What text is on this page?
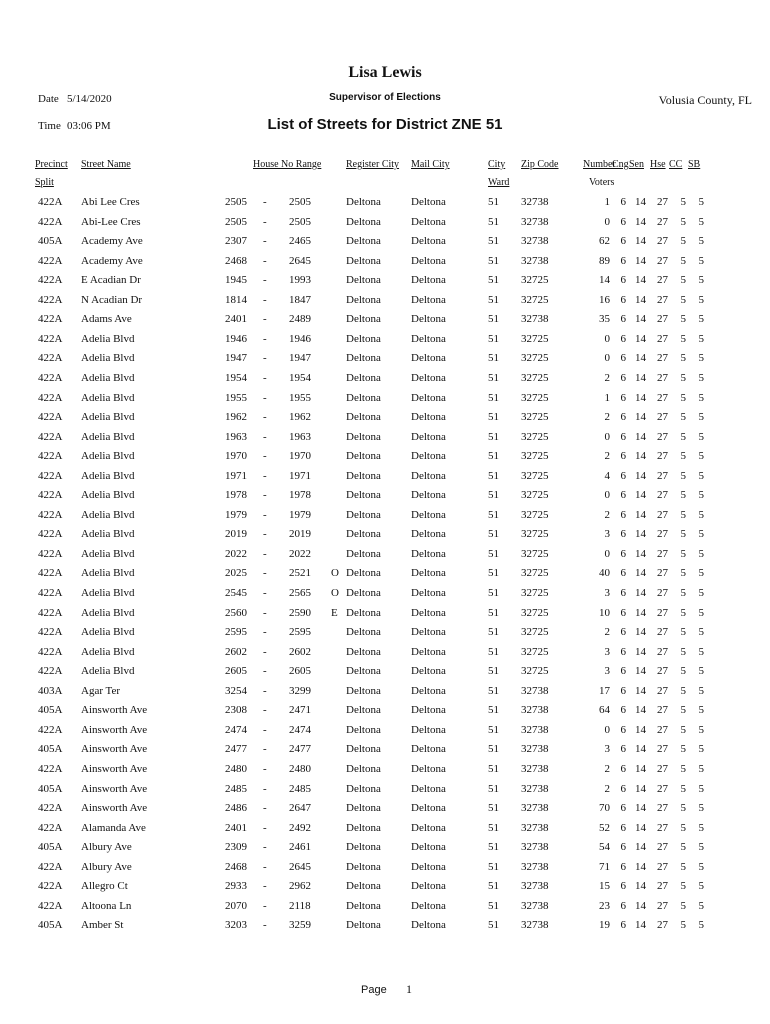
Lisa Lewis
Supervisor of Elections
List of Streets for District ZNE 51
Date 5/14/2020
Time 03:06 PM
Volusia County, FL
Precinct
Split
Street Name	House No Range Register City Mail City	City
Ward
Zip Code Number
Voters
Cng Sen Hse CC SB
422A Abi Lee Cres	2505 - 2505	Deltona	Deltona	51 32738	1 6 14	27	5	5
422A Abi-Lee Cres	2505 - 2505	Deltona	Deltona	51 32738	0 6 14	27	5	5
405A Academy Ave	2307 - 2465	Deltona	Deltona	51 32738	62 6 14	27	5	5
422A Academy Ave	2468 - 2645	Deltona	Deltona	51 32738	89 6 14	27	5	5
422A E Acadian Dr	1945 - 1993	Deltona	Deltona	51 32725	14 6 14	27	5	5
422A N Acadian Dr	1814 - 1847	Deltona	Deltona	51 32725	16 6 14	27	5	5
422A Adams Ave	2401 - 2489	Deltona	Deltona	51 32738	35 6 14	27	5	5
422A Adelia Blvd	1946 - 1946	Deltona	Deltona	51 32725	0 6 14	27	5	5
422A Adelia Blvd	1947 - 1947	Deltona	Deltona	51 32725	0 6 14	27	5	5
422A Adelia Blvd	1954 - 1954	Deltona	Deltona	51 32725	2 6 14	27	5	5
422A Adelia Blvd	1955 - 1955	Deltona	Deltona	51 32725	1 6 14	27	5	5
422A Adelia Blvd	1962 - 1962	Deltona	Deltona	51 32725	2 6 14	27	5	5
422A Adelia Blvd	1963 - 1963	Deltona	Deltona	51 32725	0 6 14	27	5	5
422A Adelia Blvd	1970 - 1970	Deltona	Deltona	51 32725	2 6 14	27	5	5
422A Adelia Blvd	1971 - 1971	Deltona	Deltona	51 32725	4 6 14	27	5	5
422A Adelia Blvd	1978 - 1978	Deltona	Deltona	51 32725	0 6 14	27	5	5
422A Adelia Blvd	1979 - 1979	Deltona	Deltona	51 32725	2 6 14	27	5	5
422A Adelia Blvd	2019 - 2019	Deltona	Deltona	51 32725	3 6 14	27	5	5
422A Adelia Blvd	2022 - 2022	Deltona	Deltona	51 32725	0 6 14	27	5	5
422A Adelia Blvd	2025 - 2521 O Deltona	Deltona	51 32725	40 6 14	27	5	5
422A Adelia Blvd	2545 - 2565 O Deltona	Deltona	51 32725	3 6 14	27	5	5
422A Adelia Blvd	2560 - 2590 E Deltona	Deltona	51 32725	10 6 14	27	5	5
422A Adelia Blvd	2595 - 2595	Deltona	Deltona	51 32725	2 6 14	27	5	5
422A Adelia Blvd	2602 - 2602	Deltona	Deltona	51 32725	3 6 14	27	5	5
422A Adelia Blvd	2605 - 2605	Deltona	Deltona	51 32725	3 6 14	27	5	5
403A Agar Ter	3254 - 3299	Deltona	Deltona	51 32738	17 6 14	27	5	5
405A Ainsworth Ave	2308 - 2471	Deltona	Deltona	51 32738	64 6 14	27	5	5
422A Ainsworth Ave	2474 - 2474	Deltona	Deltona	51 32738	0 6 14	27	5	5
405A Ainsworth Ave	2477 - 2477	Deltona	Deltona	51 32738	3 6 14	27	5	5
422A Ainsworth Ave	2480 - 2480	Deltona	Deltona	51 32738	2 6 14	27	5	5
405A Ainsworth Ave	2485 - 2485	Deltona	Deltona	51 32738	2 6 14	27	5	5
422A Ainsworth Ave	2486 - 2647	Deltona	Deltona	51 32738	70 6 14	27	5	5
422A Alamanda Ave	2401 - 2492	Deltona	Deltona	51 32738	52 6 14	27	5	5
405A Albury Ave	2309 - 2461	Deltona	Deltona	51 32738	54 6 14	27	5	5
422A Albury Ave	2468 - 2645	Deltona	Deltona	51 32738	71 6 14	27	5	5
422A Allegro Ct	2933 - 2962	Deltona	Deltona	51 32738	15 6 14	27	5	5
422A Altoona Ln	2070 - 2118	Deltona	Deltona	51 32738	23 6 14	27	5	5
405A Amber St	3203 - 3259	Deltona	Deltona	51 32738	19 6 14	27	5	5
Page 1
